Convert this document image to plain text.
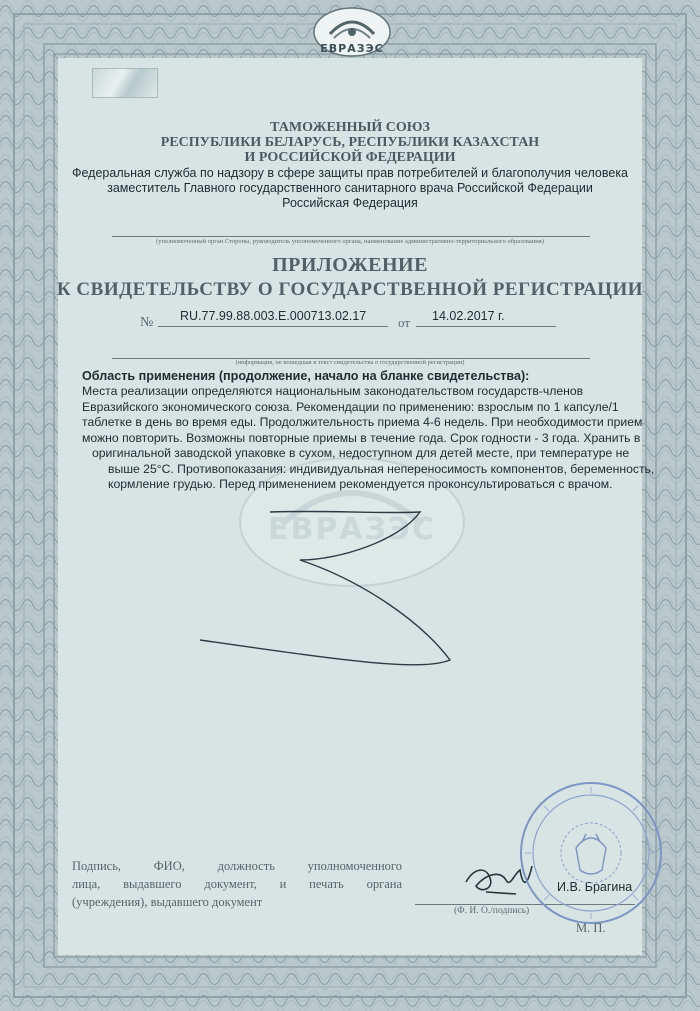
ЕВРАЗЭС
ТАМОЖЕННЫЙ СОЮЗ
РЕСПУБЛИКИ БЕЛАРУСЬ, РЕСПУБЛИКИ КАЗАХСТАН
И РОССИЙСКОЙ ФЕДЕРАЦИИ
Федеральная служба по надзору в сфере защиты прав потребителей и благополучия человека
заместитель Главного государственного санитарного врача Российской Федерации
Российская Федерация
(уполномоченный орган Стороны, руководитель уполномоченного органа, наименование административно-территориального образования)
ПРИЛОЖЕНИЕ
К СВИДЕТЕЛЬСТВУ О ГОСУДАРСТВЕННОЙ РЕГИСТРАЦИИ
№ RU.77.99.88.003.E.000713.02.17 от 14.02.2017 г.
(информация, не вошедшая в текст свидетельства о государственной регистрации)
ЕВРАЗЭС
Область применения (продолжение, начало на бланке свидетельства):
Места реализации определяются национальным законодательством государств-членов
Евразийского экономического союза. Рекомендации по применению: взрослым по 1 капсуле/1
таблетке в день во время еды. Продолжительность приема 4-6 недель. При необходимости прием
можно повторить. Возможны повторные приемы в течение года. Срок годности - 3 года. Хранить в
оригинальной заводской упаковке в сухом, недоступном для детей месте, при температуре не
выше 25°С. Противопоказания: индивидуальная непереносимость компонентов, беременность,
кормление грудью. Перед применением рекомендуется проконсультироваться с врачом.
Подпись, ФИО, должность уполномоченного
лица, выдавшего документ, и печать органа
(учреждения), выдавшего документ
И.В. Брагина
(Ф. И. О./подпись)
М. П.
